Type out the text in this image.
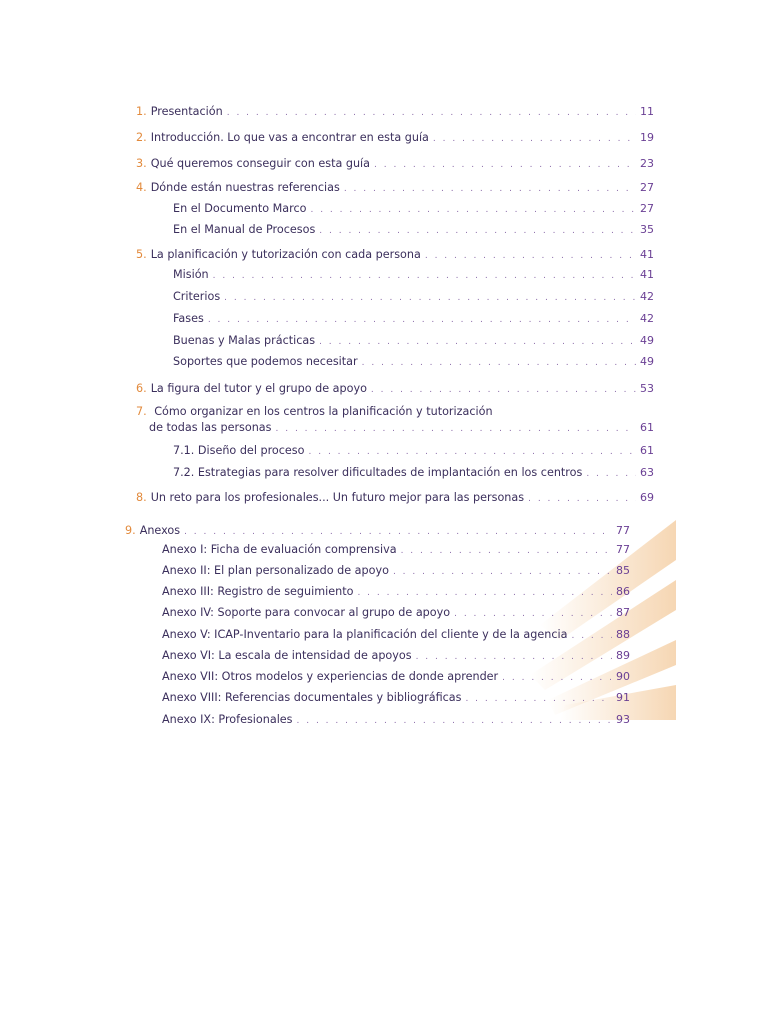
1. Presentación . . .	11
2. Introducción. Lo que vas a encontrar en esta guía . . .	19
3. Qué queremos conseguir con esta guía . . .	23
4. Dónde están nuestras referencias . . .	27
En el Documento Marco . . .	27
En el Manual de Procesos . . .	35
5. La planificación y tutorización con cada persona . . .	41
Misión . . .	41
Criterios . . .	42
Fases . . .	42
Buenas y Malas prácticas . . .	49
Soportes que podemos necesitar . . .	49
6. La figura del tutor y el grupo de apoyo . . .	53
7. Cómo organizar en los centros la planificación y tutorización
de todas las personas . . .	61
7.1. Diseño del proceso . . .	61
7.2. Estrategias para resolver dificultades de implantación en los centros . . .	63
8. Un reto para los profesionales... Un futuro mejor para las personas . . .	69
9. Anexos . . .	77
Anexo I: Ficha de evaluación comprensiva . . .	77
Anexo II: El plan personalizado de apoyo . . .	85
Anexo III: Registro de seguimiento . . .	86
Anexo IV: Soporte para convocar al grupo de apoyo . . .	87
Anexo V: ICAP-Inventario para la planificación del cliente y de la agencia . . .	88
Anexo VI: La escala de intensidad de apoyos . . .	89
Anexo VII: Otros modelos y experiencias de donde aprender . . .	90
Anexo VIII: Referencias documentales y bibliográficas . . .	91
Anexo IX: Profesionales . . .	93
